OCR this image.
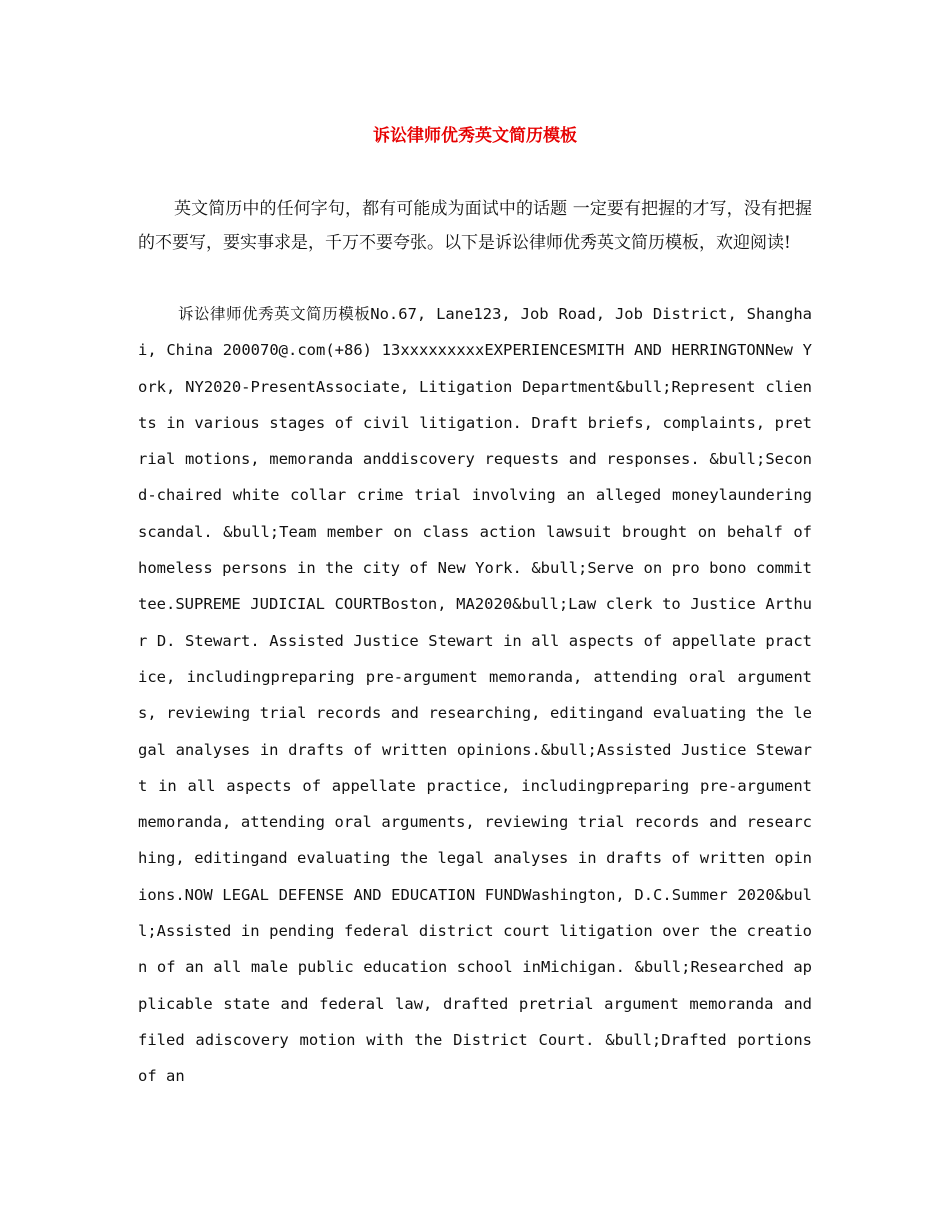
诉讼律师优秀英文简历模板

英文简历中的任何字句，都有可能成为面试中的话题 一定要有把握的才写，没有把握的不要写，要实事求是，千万不要夸张。以下是诉讼律师优秀英文简历模板，欢迎阅读!

诉讼律师优秀英文简历模板No.67, Lane123, Job Road, Job District, Shanghai, China 200070@.com(+86) 13xxxxxxxxxEXPERIENCESMITH AND HERRINGTONNew York, NY2020-PresentAssociate, Litigation Department&bull;Represent clients in various stages of civil litigation. Draft briefs, complaints, pretrial motions, memoranda anddiscovery requests and responses. &bull;Second-chaired white collar crime trial involving an alleged moneylaundering scandal. &bull;Team member on class action lawsuit brought on behalf of homeless persons in the city of New York. &bull;Serve on pro bono committee.SUPREME JUDICIAL COURTBoston, MA2020&bull;Law clerk to Justice Arthur D. Stewart. Assisted Justice Stewart in all aspects of appellate practice, includingpreparing pre-argument memoranda, attending oral arguments, reviewing trial records and researching, editingand evaluating the legal analyses in drafts of written opinions.&bull;Assisted Justice Stewart in all aspects of appellate practice, includingpreparing pre-argument memoranda, attending oral arguments, reviewing trial records and researching, editingand evaluating the legal analyses in drafts of written opinions.NOW LEGAL DEFENSE AND EDUCATION FUNDWashington, D.C.Summer 2020&bull;Assisted in pending federal district court litigation over the creation of an all male public education school inMichigan. &bull;Researched applicable state and federal law, drafted pretrial argument memoranda and filed adiscovery motion with the District Court. &bull;Drafted portions of an
